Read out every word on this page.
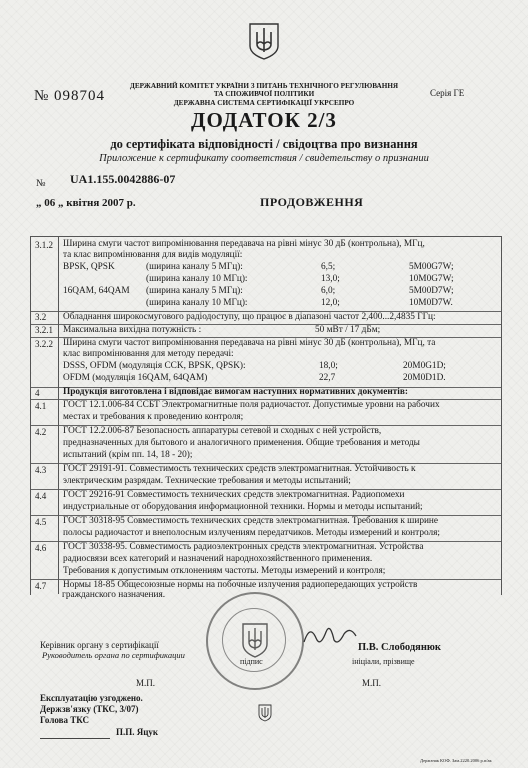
№ 098704
ДЕРЖАВНИЙ КОМІТЕТ УКРАЇНИ З ПИТАНЬ ТЕХНІЧНОГО РЕГУЛЮВАННЯ
ТА СПОЖИВЧОЇ ПОЛІТИКИ
ДЕРЖАВНА СИСТЕМА СЕРТИФІКАЦІЇ УКРСЕПРО
Серія ГЕ
ДОДАТОК 2/3
до сертифіката відповідності / свідоцтва про визнання
Приложение к сертификату соответствия / свидетельству о признании
№ UA1.155.0042886-07
„ 06 „ квітня 2007 р.	ПРОДОВЖЕННЯ
3.1.2 Ширина смуги частот випромінювання передавача на рівні мінус 30 дБ (контрольна), МГц,
та клас випромінювання для видів модуляції:
BPSK, QPSK	(ширина каналу 5 МГц):	6,5;	5M00G7W;
(ширина каналу 10 МГц):	13,0;	10M0G7W;
16QAM, 64QAM (ширина каналу 5 МГц):	6,0;	5M00D7W;
(ширина каналу 10 МГц):	12,0;	10M0D7W.
3.2 Обладнання широкосмугового радіодоступу, що працює в діапазоні частот 2,400...2,4835 ГГц:
3.2.1 Максимальна вихідна потужність :	50 мВт / 17 дБм;
3.2.2 Ширина смуги частот випромінювання передавача на рівні мінус 30 дБ (контрольна), МГц, та
клас випромінювання для методу передачі:
DSSS, OFDM (модуляція CCK, BPSK, QPSK):	18,0;	20M0G1D;
OFDM (модуляція 16QAM, 64QAM)	22,7	20M0D1D.
4	Продукція виготовлена і відповідає вимогам наступних нормативних документів:
4.1 ГОСТ 12.1.006-84 ССБТ Электромагнитные поля радиочастот. Допустимые уровни на рабочих
местах и требования к проведению контроля;
4.2 ГОСТ 12.2.006-87 Безопасность аппаратуры сетевой и сходных с ней устройств,
предназначенных для бытового и аналогичного применения. Общие требования и методы
испытаний (крім пп. 14, 18 - 20);
4.3 ГОСТ 29191-91. Совместимость технических средств электромагнитная. Устойчивость к
электрическим разрядам. Технические требования и методы испытаний;
4.4 ГОСТ 29216-91 Совместимость технических средств электромагнитная. Радиопомехи
индустриальные от оборудования информационной техники. Нормы и методы испытаний;
4.5 ГОСТ 30318-95 Совместимость технических средств электромагнитная. Требования к ширине
полосы радиочастот и внеполосным излучениям передатчиков. Методы измерений и контроля;
4.6 ГОСТ 30338-95. Совместимость радиоэлектронных средств электромагнитная. Устройства
радиосвязи всех категорий и назначений народнохозяйственного применения.
Требования к допустимым отклонениям частоты. Методы измерений и контроля;
4.7 Нормы 18-85 Общесоюзные нормы на побочные излучения радиопередающих устройств
гражданского назначения.
Керівник органу з сертифікації
Руководитель органа по сертификации
П.В. Слободянюк
підпис	ініціали, прізвище
М.П.	М.П.
Експлуатацію узгоджено.
Держзв'язку (ТКС, 3/07)
Голова ТКС
П.П. Яцук
Держзнак КОФ. Зам.2220.2006 р.п/ак
